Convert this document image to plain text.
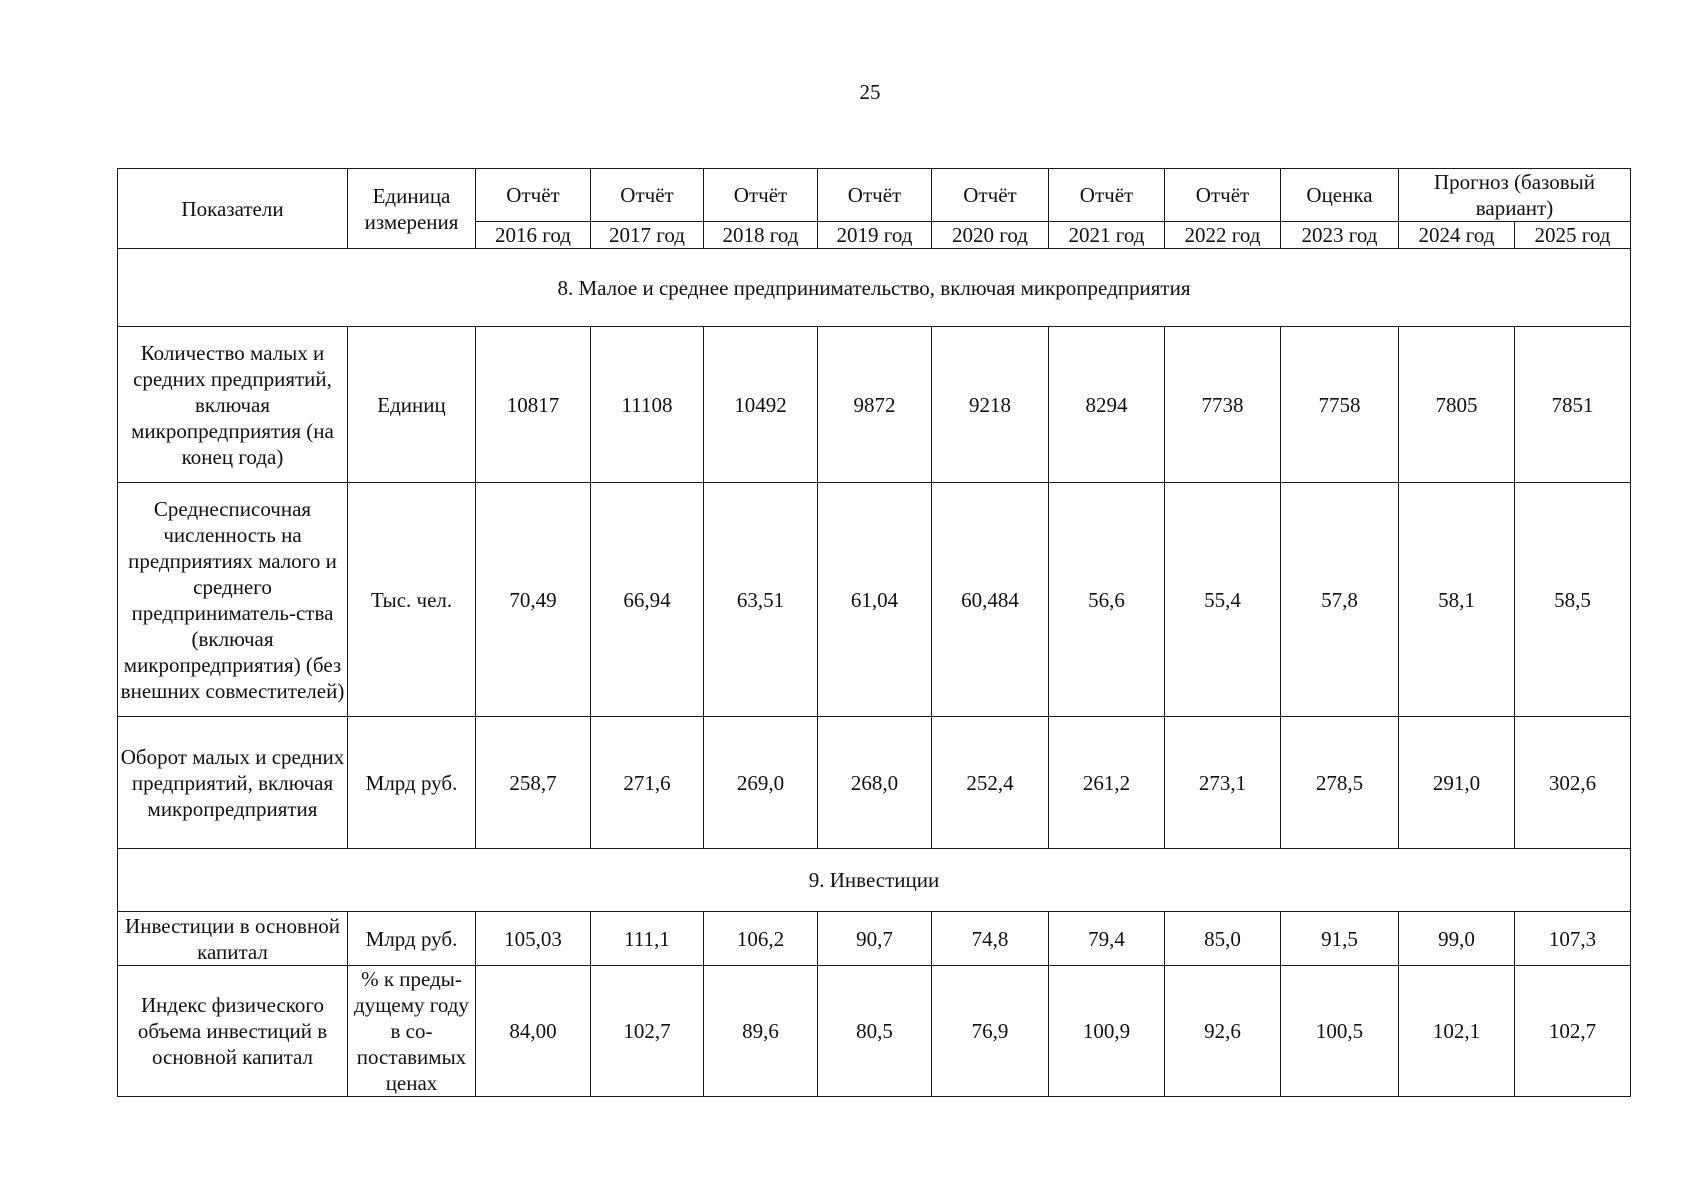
25
Показатели	Единица измерения	Отчёт	Отчёт	Отчёт	Отчёт	Отчёт	Отчёт	Отчёт	Оценка	Прогноз (базовый вариант)	
		2016 год	2017 год	2018 год	2019 год	2020 год	2021 год	2022 год	2023 год	2024 год	2025 год
8. Малое и среднее предпринимательство, включая микропредприятия											
Количество малых и средних предприятий, включая микропредприятия (на конец года)	Единиц	10817	11108	10492	9872	9218	8294	7738	7758	7805	7851
Среднесписочная численность на предприятиях малого и среднего предприниматель-ства (включая микропредприятия) (без внешних совместителей)	Тыс. чел.	70,49	66,94	63,51	61,04	60,484	56,6	55,4	57,8	58,1	58,5
Оборот малых и средних предприятий, включая микропредприятия	Млрд руб.	258,7	271,6	269,0	268,0	252,4	261,2	273,1	278,5	291,0	302,6
9. Инвестиции											
Инвестиции в основной капитал	Млрд руб.	105,03	111,1	106,2	90,7	74,8	79,4	85,0	91,5	99,0	107,3
Индекс физического объема инвестиций в основной капитал	% к преды-дущему году в со-поставимых ценах	84,00	102,7	89,6	80,5	76,9	100,9	92,6	100,5	102,1	102,7
